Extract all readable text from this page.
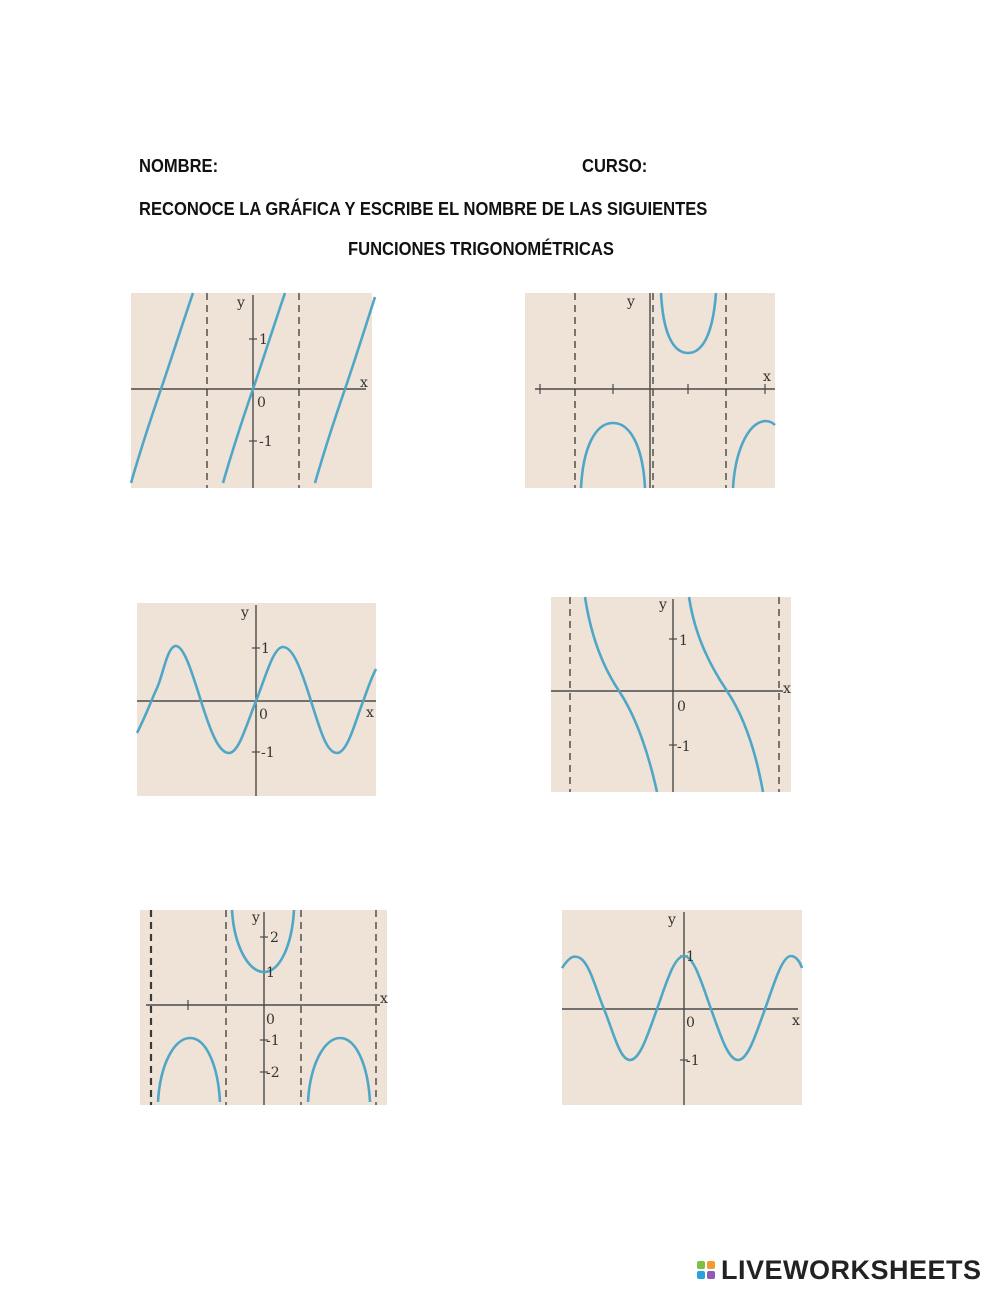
NOMBRE:	CURSO:
RECONOCE LA GRÁFICA Y ESCRIBE EL NOMBRE DE LAS SIGUIENTES
FUNCIONES TRIGONOMÉTRICAS
y
x
0
1
-1
y
x
y
x
0
1
-1
y
x
0
1
-1
y
x
0
2
1
-1
-2
y
x
0
1
-1
LIVEWORKSHEETS
